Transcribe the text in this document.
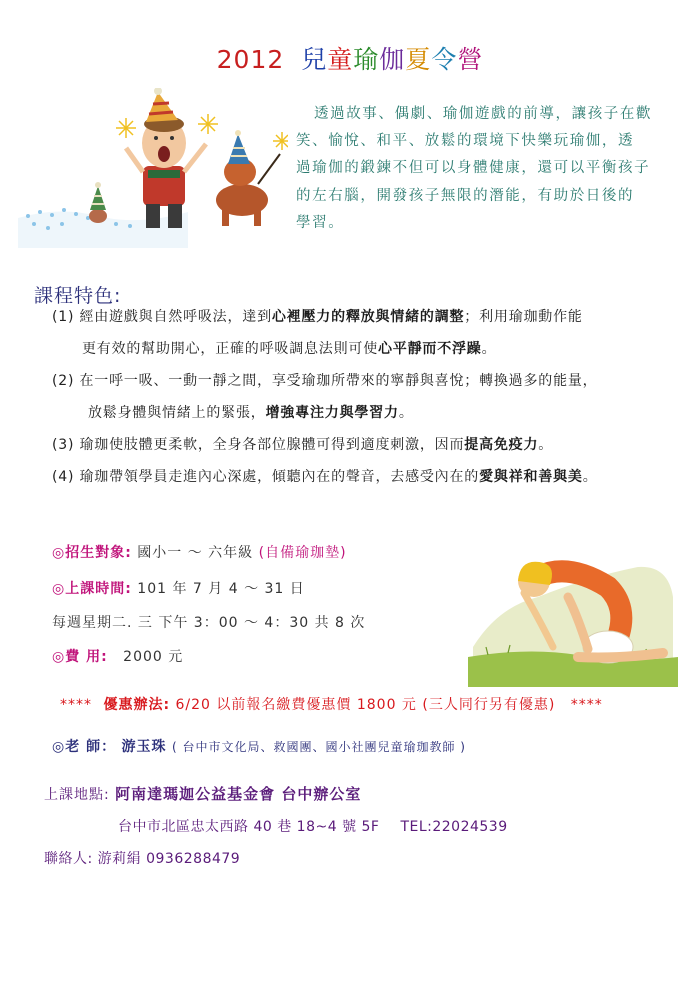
2012 兒童瑜伽夏令營
透過故事、偶劇、瑜伽遊戲的前導，讓孩子在歡
笑、愉悅、和平、放鬆的環境下快樂玩瑜伽，透
過瑜伽的鍛鍊不但可以身體健康，還可以平衡孩子
的左右腦，開發孩子無限的潛能，有助於日後的
學習。
課程特色:
(1) 經由遊戲與自然呼吸法，達到心裡壓力的釋放與情緒的調整；利用瑜珈動作能
更有效的幫助開心，正確的呼吸調息法則可使心平靜而不浮躁。
(2) 在一呼一吸、一動一靜之間，享受瑜珈所帶來的寧靜與喜悅；轉換過多的能量，
放鬆身體與情緒上的緊張，增強專注力與學習力。
(3) 瑜珈使肢體更柔軟，全身各部位腺體可得到適度刺激，因而提高免疫力。
(4) 瑜珈帶領學員走進內心深處，傾聽內在的聲音，去感受內在的愛與祥和善與美。
◎招生對象: 國小一 ～ 六年級 (自備瑜珈墊)
◎上課時間: 101 年 7 月 4 ～ 31 日
每週星期二. 三 下午 3：00 ～ 4：30 共 8 次
◎費 用: 2000 元
**** 優惠辦法: 6/20 以前報名繳費優惠價 1800 元 (三人同行另有優惠) ****
◎老 師： 游玉珠 ( 台中市文化局、救國團、國小社團兒童瑜珈教師 )
上課地點: 阿南達瑪迦公益基金會 台中辦公室
台中市北區忠太西路 40 巷 18~4 號 5F TEL:22024539
聯絡人: 游莉絹 0936288479
